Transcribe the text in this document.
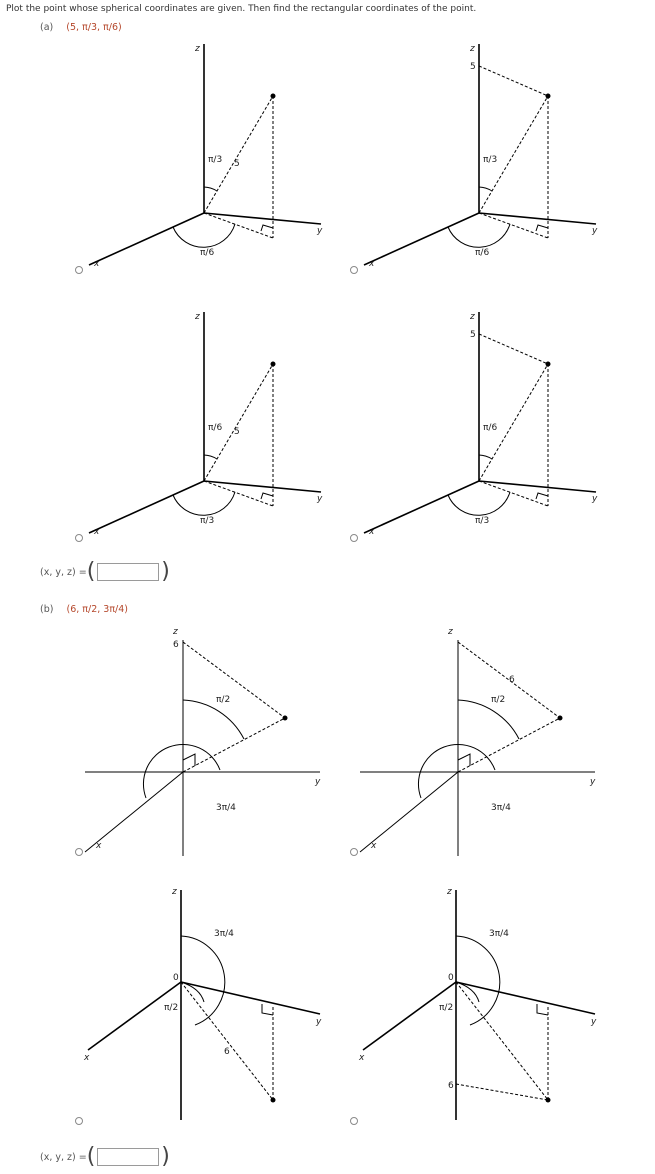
Plot the point whose spherical coordinates are given. Then find the rectangular coordinates of the point.
(a) (5, π/3, π/6)
z
y
x
π/3
π/6
5
z
y
x
5
π/3
π/6
z
y
x
π/6
π/3
5
z
y
x
5
π/6
π/3
(x, y, z) = (	)
(b) (6, π/2, 3π/4)
z
y
x
6
π/2
3π/4
z
y
x
6
π/2
3π/4
z
y
x
0
3π/4
π/2
6
z
y
x
0
3π/4
π/2
6
(x, y, z) = (	)
